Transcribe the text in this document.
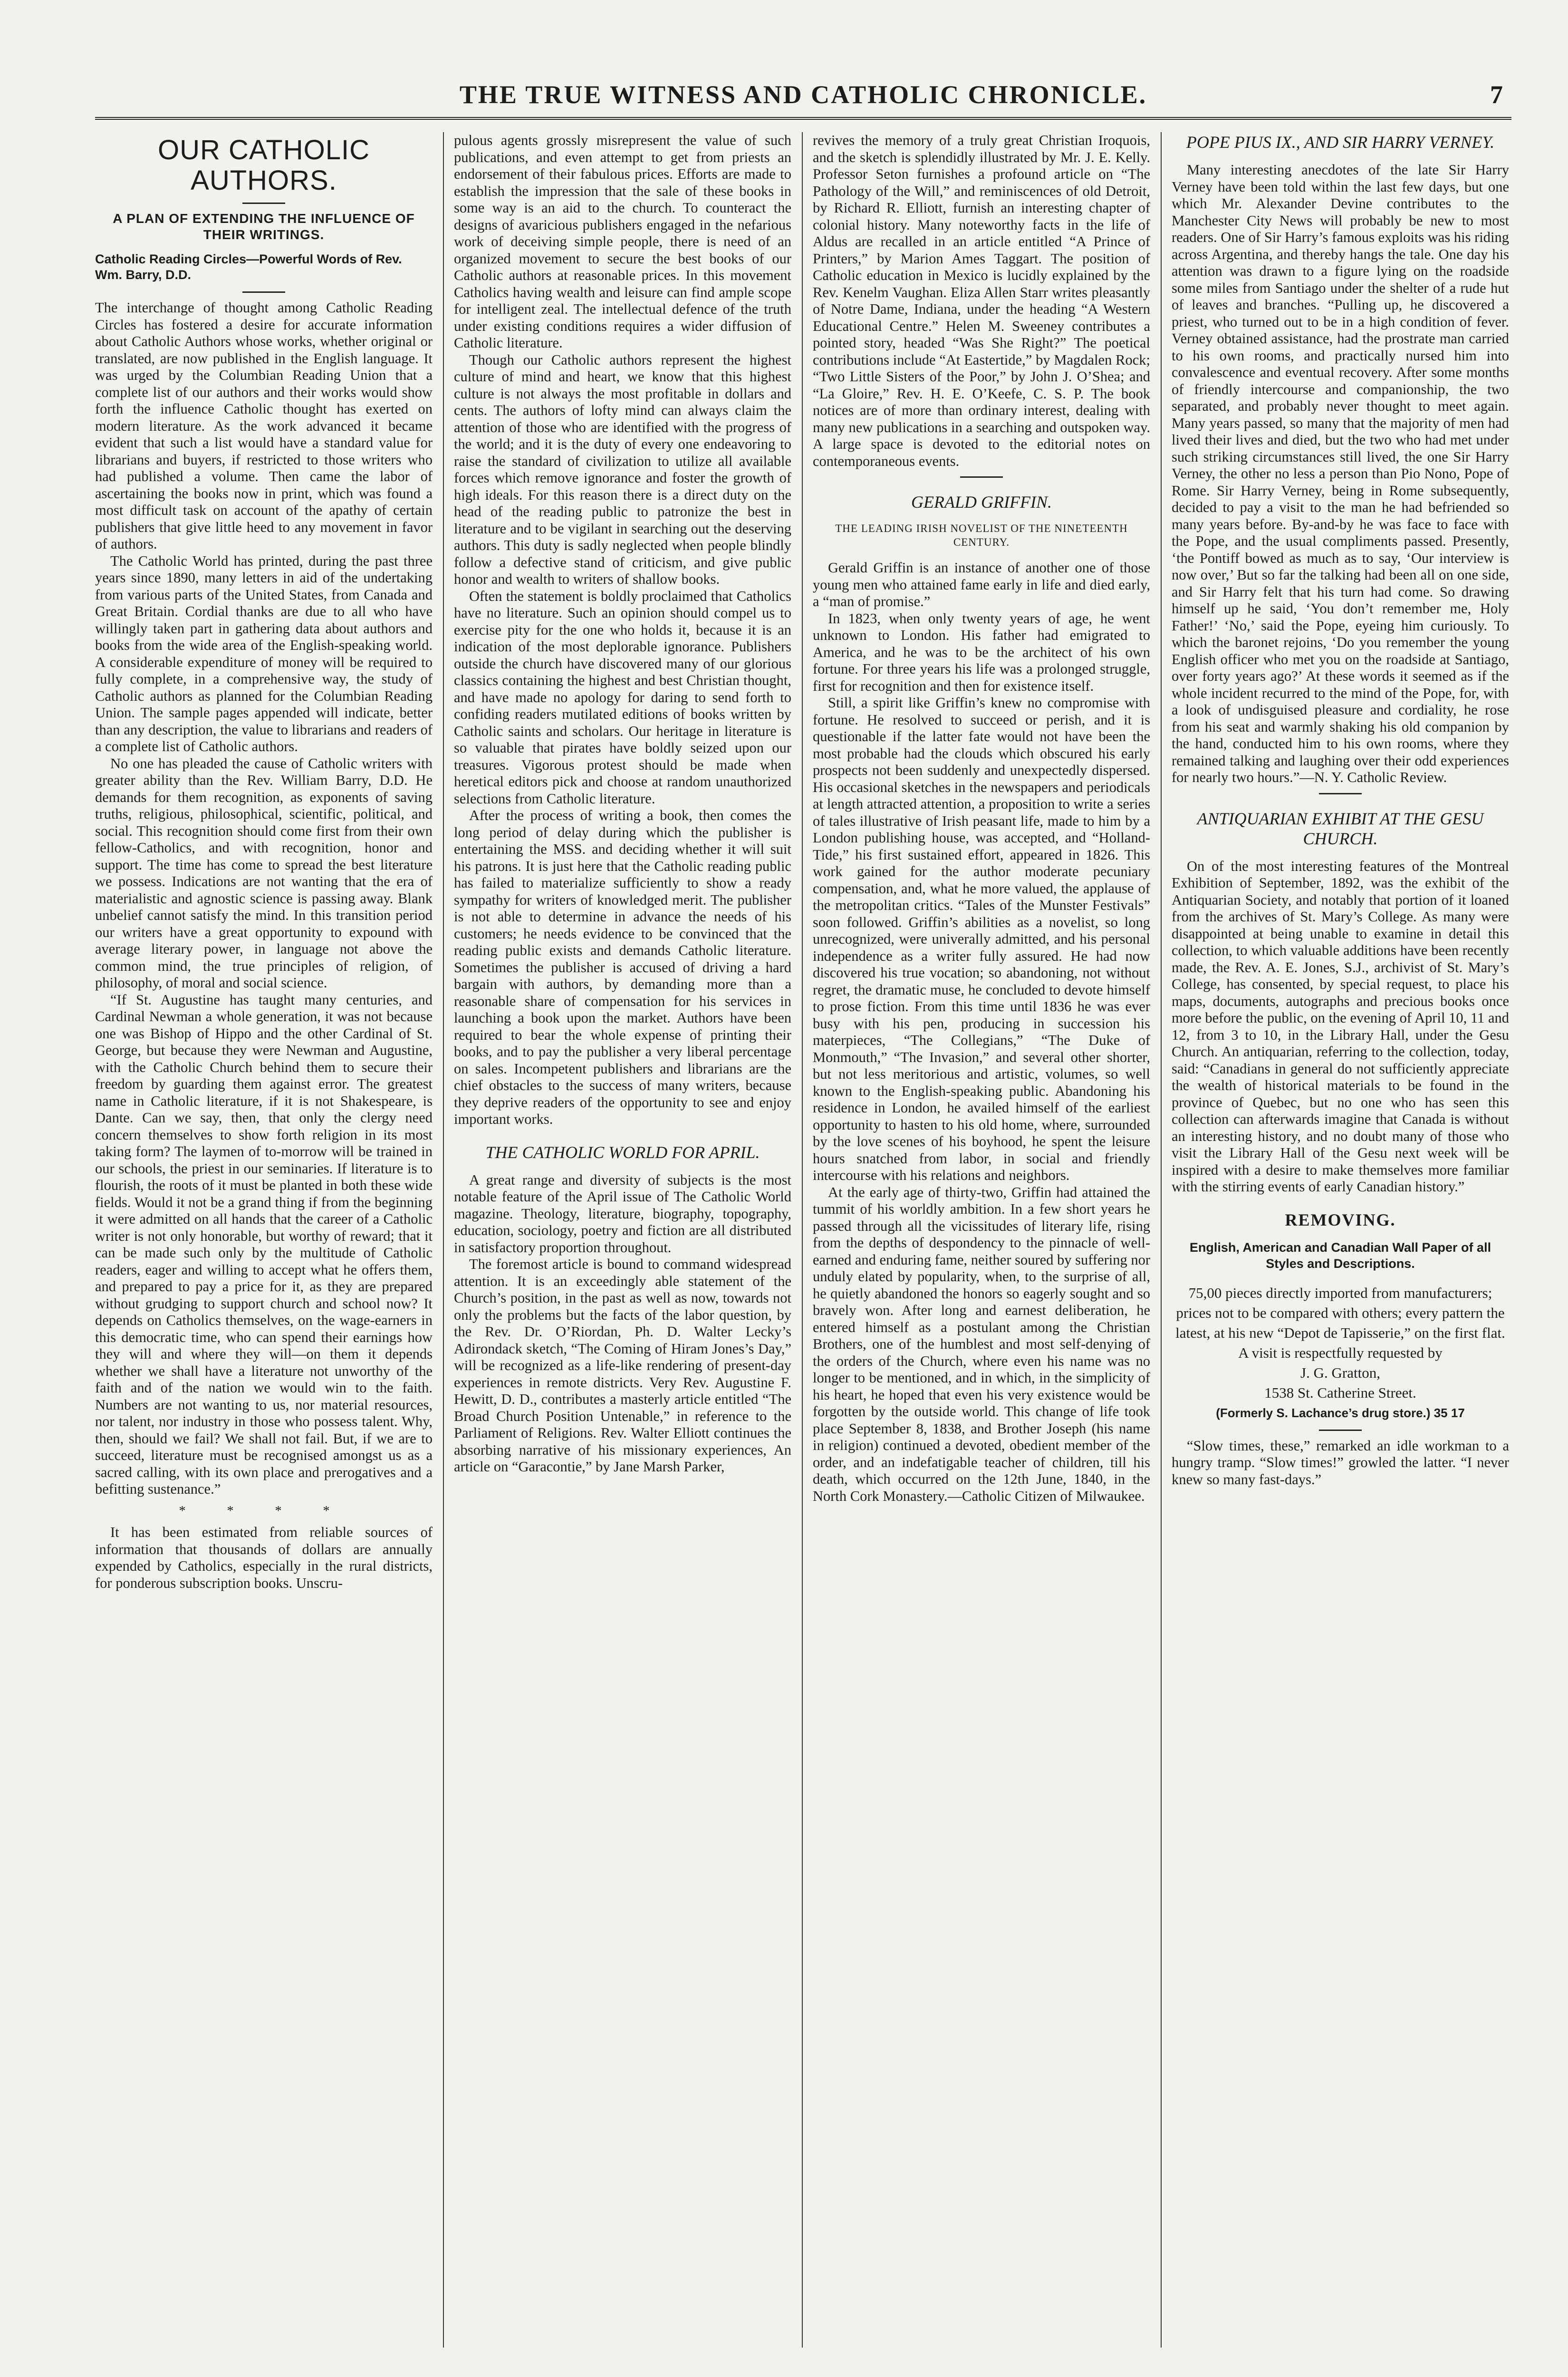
THE TRUE WITNESS AND CATHOLIC CHRONICLE.	7
OUR CATHOLIC AUTHORS.
A PLAN OF EXTENDING THE INFLUENCE OF THEIR WRITINGS.
Catholic Reading Circles—Powerful Words of Rev. Wm. Barry, D.D.

The interchange of thought among Catholic Reading Circles has fostered a desire for accurate information about Catholic Authors whose works, whether original or translated, are now published in the English language. It was urged by the Columbian Reading Union that a complete list of our authors and their works would show forth the influence Catholic thought has exerted on modern literature. As the work advanced it became evident that such a list would have a standard value for librarians and buyers, if restricted to those writers who had published a volume. Then came the labor of ascertaining the books now in print, which was found a most difficult task on account of the apathy of certain publishers that give little heed to any movement in favor of authors.

The Catholic World has printed, during the past three years since 1890, many letters in aid of the undertaking from various parts of the United States, from Canada and Great Britain. Cordial thanks are due to all who have willingly taken part in gathering data about authors and books from the wide area of the English-speaking world. A considerable expenditure of money will be required to fully complete, in a comprehensive way, the study of Catholic authors as planned for the Columbian Reading Union. The sample pages appended will indicate, better than any description, the value to librarians and readers of a complete list of Catholic authors.

No one has pleaded the cause of Catholic writers with greater ability than the Rev. William Barry, D.D. He demands for them recognition, as exponents of saving truths, religious, philosophical, scientific, political, and social. This recognition should come first from their own fellow-Catholics, and with recognition, honor and support. The time has come to spread the best literature we possess. Indications are not wanting that the era of materialistic and agnostic science is passing away. Blank unbelief cannot satisfy the mind. In this transition period our writers have a great opportunity to expound with average literary power, in language not above the common mind, the true principles of religion, of philosophy, of moral and social science.

“If St. Augustine has taught many centuries, and Cardinal Newman a whole generation, it was not because one was Bishop of Hippo and the other Cardinal of St. George, but because they were Newman and Augustine, with the Catholic Church behind them to secure their freedom by guarding them against error. The greatest name in Catholic literature, if it is not Shakespeare, is Dante. Can we say, then, that only the clergy need concern themselves to show forth religion in its most taking form? The laymen of to-morrow will be trained in our schools, the priest in our seminaries. If literature is to flourish, the roots of it must be planted in both these wide fields. Would it not be a grand thing if from the beginning it were admitted on all hands that the career of a Catholic writer is not only honorable, but worthy of reward; that it can be made such only by the multitude of Catholic readers, eager and willing to accept what he offers them, and prepared to pay a price for it, as they are prepared without grudging to support church and school now? It depends on Catholics themselves, on the wage-earners in this democratic time, who can spend their earnings how they will and where they will—on them it depends whether we shall have a literature not unworthy of the faith and of the nation we would win to the faith. Numbers are not wanting to us, nor material resources, nor talent, nor industry in those who possess talent. Why, then, should we fail? We shall not fail. But, if we are to succeed, literature must be recognised amongst us as a sacred calling, with its own place and prerogatives and a befitting sustenance.”

* * * *

It has been estimated from reliable sources of information that thousands of dollars are annually expended by Catholics, especially in the rural districts, for ponderous subscription books. Unscru-

pulous agents grossly misrepresent the value of such publications, and even attempt to get from priests an endorsement of their fabulous prices. Efforts are made to establish the impression that the sale of these books in some way is an aid to the church. To counteract the designs of avaricious publishers engaged in the nefarious work of deceiving simple people, there is need of an organized movement to secure the best books of our Catholic authors at reasonable prices. In this movement Catholics having wealth and leisure can find ample scope for intelligent zeal. The intellectual defence of the truth under existing conditions requires a wider diffusion of Catholic literature.

Though our Catholic authors represent the highest culture of mind and heart, we know that this highest culture is not always the most profitable in dollars and cents. The authors of lofty mind can always claim the attention of those who are identified with the progress of the world; and it is the duty of every one endeavoring to raise the standard of civilization to utilize all available forces which remove ignorance and foster the growth of high ideals. For this reason there is a direct duty on the head of the reading public to patronize the best in literature and to be vigilant in searching out the deserving authors. This duty is sadly neglected when people blindly follow a defective stand of criticism, and give public honor and wealth to writers of shallow books.

Often the statement is boldly proclaimed that Catholics have no literature. Such an opinion should compel us to exercise pity for the one who holds it, because it is an indication of the most deplorable ignorance. Publishers outside the church have discovered many of our glorious classics containing the highest and best Christian thought, and have made no apology for daring to send forth to confiding readers mutilated editions of books written by Catholic saints and scholars. Our heritage in literature is so valuable that pirates have boldly seized upon our treasures. Vigorous protest should be made when heretical editors pick and choose at random unauthorized selections from Catholic literature.

After the process of writing a book, then comes the long period of delay during which the publisher is entertaining the MSS. and deciding whether it will suit his patrons. It is just here that the Catholic reading public has failed to materialize sufficiently to show a ready sympathy for writers of knowledged merit. The publisher is not able to determine in advance the needs of his customers; he needs evidence to be convinced that the reading public exists and demands Catholic literature. Sometimes the publisher is accused of driving a hard bargain with authors, by demanding more than a reasonable share of compensation for his services in launching a book upon the market. Authors have been required to bear the whole expense of printing their books, and to pay the publisher a very liberal percentage on sales. Incompetent publishers and librarians are the chief obstacles to the success of many writers, because they deprive readers of the opportunity to see and enjoy important works.

THE CATHOLIC WORLD FOR APRIL.

A great range and diversity of subjects is the most notable feature of the April issue of The Catholic World magazine. Theology, literature, biography, topography, education, sociology, poetry and fiction are all distributed in satisfactory proportion throughout.

The foremost article is bound to command widespread attention. It is an exceedingly able statement of the Church’s position, in the past as well as now, towards not only the problems but the facts of the labor question, by the Rev. Dr. O’Riordan, Ph. D. Walter Lecky’s Adirondack sketch, “The Coming of Hiram Jones’s Day,” will be recognized as a life-like rendering of present-day experiences in remote districts. Very Rev. Augustine F. Hewitt, D. D., contributes a masterly article entitled “The Broad Church Position Untenable,” in reference to the Parliament of Religions. Rev. Walter Elliott continues the absorbing narrative of his missionary experiences, An article on “Garacontie,” by Jane Marsh Parker,

revives the memory of a truly great Christian Iroquois, and the sketch is splendidly illustrated by Mr. J. E. Kelly. Professor Seton furnishes a profound article on “The Pathology of the Will,” and reminiscences of old Detroit, by Richard R. Elliott, furnish an interesting chapter of colonial history. Many noteworthy facts in the life of Aldus are recalled in an article entitled “A Prince of Printers,” by Marion Ames Taggart. The position of Catholic education in Mexico is lucidly explained by the Rev. Kenelm Vaughan. Eliza Allen Starr writes pleasantly of Notre Dame, Indiana, under the heading “A Western Educational Centre.” Helen M. Sweeney contributes a pointed story, headed “Was She Right?” The poetical contributions include “At Eastertide,” by Magdalen Rock; “Two Little Sisters of the Poor,” by John J. O’Shea; and “La Gloire,” Rev. H. E. O’Keefe, C. S. P. The book notices are of more than ordinary interest, dealing with many new publications in a searching and outspoken way. A large space is devoted to the editorial notes on contemporaneous events.

GERALD GRIFFIN.
THE LEADING IRISH NOVELIST OF THE NINETEENTH CENTURY.

Gerald Griffin is an instance of another one of those young men who attained fame early in life and died early, a “man of promise.”

In 1823, when only twenty years of age, he went unknown to London. His father had emigrated to America, and he was to be the architect of his own fortune. For three years his life was a prolonged struggle, first for recognition and then for existence itself.

Still, a spirit like Griffin’s knew no compromise with fortune. He resolved to succeed or perish, and it is questionable if the latter fate would not have been the most probable had the clouds which obscured his early prospects not been suddenly and unexpectedly dispersed. His occasional sketches in the newspapers and periodicals at length attracted attention, a proposition to write a series of tales illustrative of Irish peasant life, made to him by a London publishing house, was accepted, and “Holland-Tide,” his first sustained effort, appeared in 1826. This work gained for the author moderate pecuniary compensation, and, what he more valued, the applause of the metropolitan critics. “Tales of the Munster Festivals” soon followed. Griffin’s abilities as a novelist, so long unrecognized, were univerally admitted, and his personal independence as a writer fully assured. He had now discovered his true vocation; so abandoning, not without regret, the dramatic muse, he concluded to devote himself to prose fiction. From this time until 1836 he was ever busy with his pen, producing in succession his materpieces, “The Collegians,” “The Duke of Monmouth,” “The Invasion,” and several other shorter, but not less meritorious and artistic, volumes, so well known to the English-speaking public. Abandoning his residence in London, he availed himself of the earliest opportunity to hasten to his old home, where, surrounded by the love scenes of his boyhood, he spent the leisure hours snatched from labor, in social and friendly intercourse with his relations and neighbors.

At the early age of thirty-two, Griffin had attained the tummit of his worldly ambition. In a few short years he passed through all the vicissitudes of literary life, rising from the depths of despondency to the pinnacle of well-earned and enduring fame, neither soured by suffering nor unduly elated by popularity, when, to the surprise of all, he quietly abandoned the honors so eagerly sought and so bravely won. After long and earnest deliberation, he entered himself as a postulant among the Christian Brothers, one of the humblest and most self-denying of the orders of the Church, where even his name was no longer to be mentioned, and in which, in the simplicity of his heart, he hoped that even his very existence would be forgotten by the outside world. This change of life took place September 8, 1838, and Brother Joseph (his name in religion) continued a devoted, obedient member of the order, and an indefatigable teacher of children, till his death, which occurred on the 12th June, 1840, in the North Cork Monastery.—Catholic Citizen of Milwaukee.

POPE PIUS IX., AND SIR HARRY VERNEY.

Many interesting anecdotes of the late Sir Harry Verney have been told within the last few days, but one which Mr. Alexander Devine contributes to the Manchester City News will probably be new to most readers. One of Sir Harry’s famous exploits was his riding across Argentina, and thereby hangs the tale. One day his attention was drawn to a figure lying on the roadside some miles from Santiago under the shelter of a rude hut of leaves and branches. “Pulling up, he discovered a priest, who turned out to be in a high condition of fever. Verney obtained assistance, had the prostrate man carried to his own rooms, and practically nursed him into convalescence and eventual recovery. After some months of friendly intercourse and companionship, the two separated, and probably never thought to meet again. Many years passed, so many that the majority of men had lived their lives and died, but the two who had met under such striking circumstances still lived, the one Sir Harry Verney, the other no less a person than Pio Nono, Pope of Rome. Sir Harry Verney, being in Rome subsequently, decided to pay a visit to the man he had befriended so many years before. By-and-by he was face to face with the Pope, and the usual compliments passed. Presently, ‘the Pontiff bowed as much as to say, ‘Our interview is now over,’ But so far the talking had been all on one side, and Sir Harry felt that his turn had come. So drawing himself up he said, ‘You don’t remember me, Holy Father!’ ‘No,’ said the Pope, eyeing him curiously. To which the baronet rejoins, ‘Do you remember the young English officer who met you on the roadside at Santiago, over forty years ago?’ At these words it seemed as if the whole incident recurred to the mind of the Pope, for, with a look of undisguised pleasure and cordiality, he rose from his seat and warmly shaking his old companion by the hand, conducted him to his own rooms, where they remained talking and laughing over their odd experiences for nearly two hours.”—N. Y. Catholic Review.

ANTIQUARIAN EXHIBIT AT THE GESU CHURCH.

On of the most interesting features of the Montreal Exhibition of September, 1892, was the exhibit of the Antiquarian Society, and notably that portion of it loaned from the archives of St. Mary’s College. As many were disappointed at being unable to examine in detail this collection, to which valuable additions have been recently made, the Rev. A. E. Jones, S.J., archivist of St. Mary’s College, has consented, by special request, to place his maps, documents, autographs and precious books once more before the public, on the evening of April 10, 11 and 12, from 3 to 10, in the Library Hall, under the Gesu Church. An antiquarian, referring to the collection, today, said: “Canadians in general do not sufficiently appreciate the wealth of historical materials to be found in the province of Quebec, but no one who has seen this collection can afterwards imagine that Canada is without an interesting history, and no doubt many of those who visit the Library Hall of the Gesu next week will be inspired with a desire to make themselves more familiar with the stirring events of early Canadian history.”

REMOVING.
English, American and Canadian Wall Paper of all Styles and Descriptions.
75,00 pieces directly imported from manufacturers; prices not to be compared with others; every pattern the latest, at his new “Depot de Tapisserie,” on the first flat. A visit is respectfully requested by
J. G. Gratton,
1538 St. Catherine Street.
(Formerly S. Lachance’s drug store.) 35 17

“Slow times, these,” remarked an idle workman to a hungry tramp. “Slow times!” growled the latter. “I never knew so many fast-days.”
